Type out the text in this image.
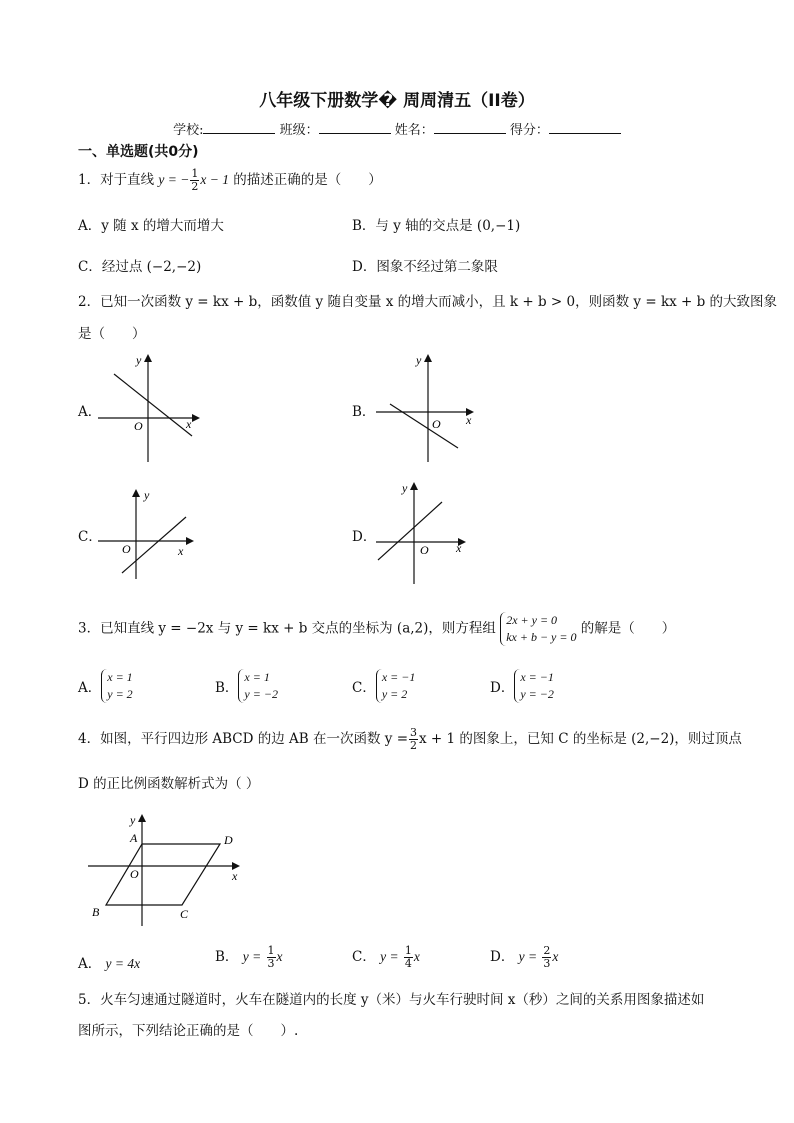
八年级下册数学� 周周清五（II卷）
学校:	班级：	姓名：	得分：
一、单选题(共0分)
1．对于直线 y = − $\frac{1}{2}$ x − 1 的描述正确的是（　　）
A．y 随 x 的增大而增大	B．与 y 轴的交点是 (0,−1)
C．经过点 (−2,−2)	D．图象不经过第二象限
2．已知一次函数 y = kx + b，函数值 y 随自变量 x 的增大而减小，且 k + b > 0，则函数 y = kx + b 的大致图象
是（　　）
A．
y
x
O
B．
y
x
O
C．
y
x
O
D．
y
x
O
3．已知直线 y = −2x 与 y = kx + b 交点的坐标为 (a,2)，则方程组
2x + y = 0
kx + b − y = 0
的解是（　　）
A．
x = 1
y = 2	B．
x = 1
y = −2	C．
x = −1
y = 2	D．
x = −1
y = −2
4．如图，平行四边形 ABCD 的边 AB 在一次函数 $y = \frac{3}{2}$ x + 1 的图象上，已知 C 的坐标是 (2,−2)，则过顶点
D 的正比例函数解析式为（ ）
y
x
A	D
O
B	C
A． y = 4x	B． $y = \frac{1}{3}$ x	C． $y = \frac{1}{4}$ x	D． $y = \frac{2}{3}$ x
5．火车匀速通过隧道时，火车在隧道内的长度 y（米）与火车行驶时间 x（秒）之间的关系用图象描述如
图所示，下列结论正确的是（　　）.
